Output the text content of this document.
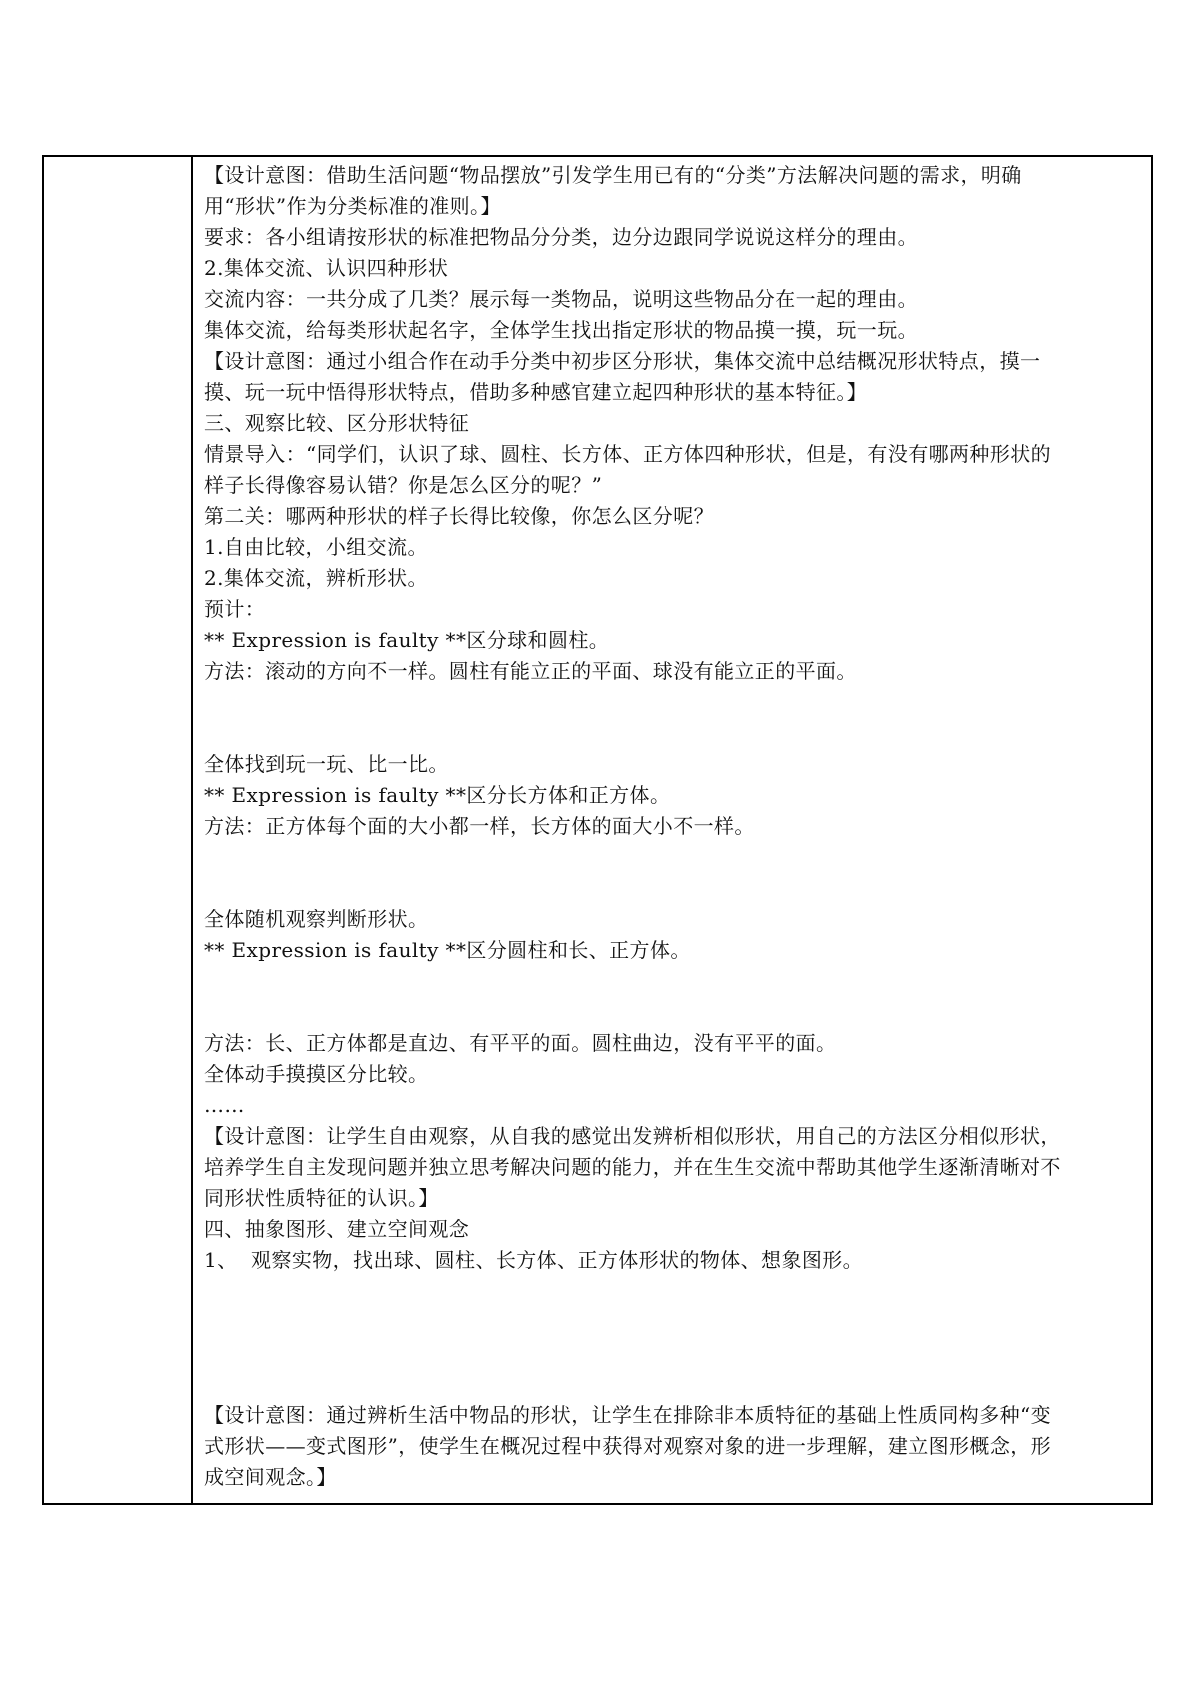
【设计意图：借助生活问题“物品摆放”引发学生用已有的“分类”方法解决问题的需求，明确
用“形状”作为分类标准的准则。】
要求：各小组请按形状的标准把物品分分类，边分边跟同学说说这样分的理由。
2.集体交流、认识四种形状
交流内容：一共分成了几类？展示每一类物品，说明这些物品分在一起的理由。
集体交流，给每类形状起名字，全体学生找出指定形状的物品摸一摸，玩一玩。
【设计意图：通过小组合作在动手分类中初步区分形状，集体交流中总结概况形状特点，摸一
摸、玩一玩中悟得形状特点，借助多种感官建立起四种形状的基本特征。】
三、观察比较、区分形状特征
情景导入：“同学们，认识了球、圆柱、长方体、正方体四种形状，但是，有没有哪两种形状的
样子长得像容易认错？你是怎么区分的呢？”
第二关：哪两种形状的样子长得比较像，你怎么区分呢？
1.自由比较，小组交流。
2.集体交流，辨析形状。
预计：
** Expression is faulty **区分球和圆柱。
方法：滚动的方向不一样。圆柱有能立正的平面、球没有能立正的平面。
全体找到玩一玩、比一比。
** Expression is faulty **区分长方体和正方体。
方法：正方体每个面的大小都一样，长方体的面大小不一样。
全体随机观察判断形状。
** Expression is faulty **区分圆柱和长、正方体。
方法：长、正方体都是直边、有平平的面。圆柱曲边，没有平平的面。
全体动手摸摸区分比较。
……
【设计意图：让学生自由观察，从自我的感觉出发辨析相似形状，用自己的方法区分相似形状，
培养学生自主发现问题并独立思考解决问题的能力，并在生生交流中帮助其他学生逐渐清晰对不
同形状性质特征的认识。】
四、抽象图形、建立空间观念
1、  观察实物，找出球、圆柱、长方体、正方体形状的物体、想象图形。
【设计意图：通过辨析生活中物品的形状，让学生在排除非本质特征的基础上性质同构多种“变
式形状——变式图形”，使学生在概况过程中获得对观察对象的进一步理解，建立图形概念，形
成空间观念。】
